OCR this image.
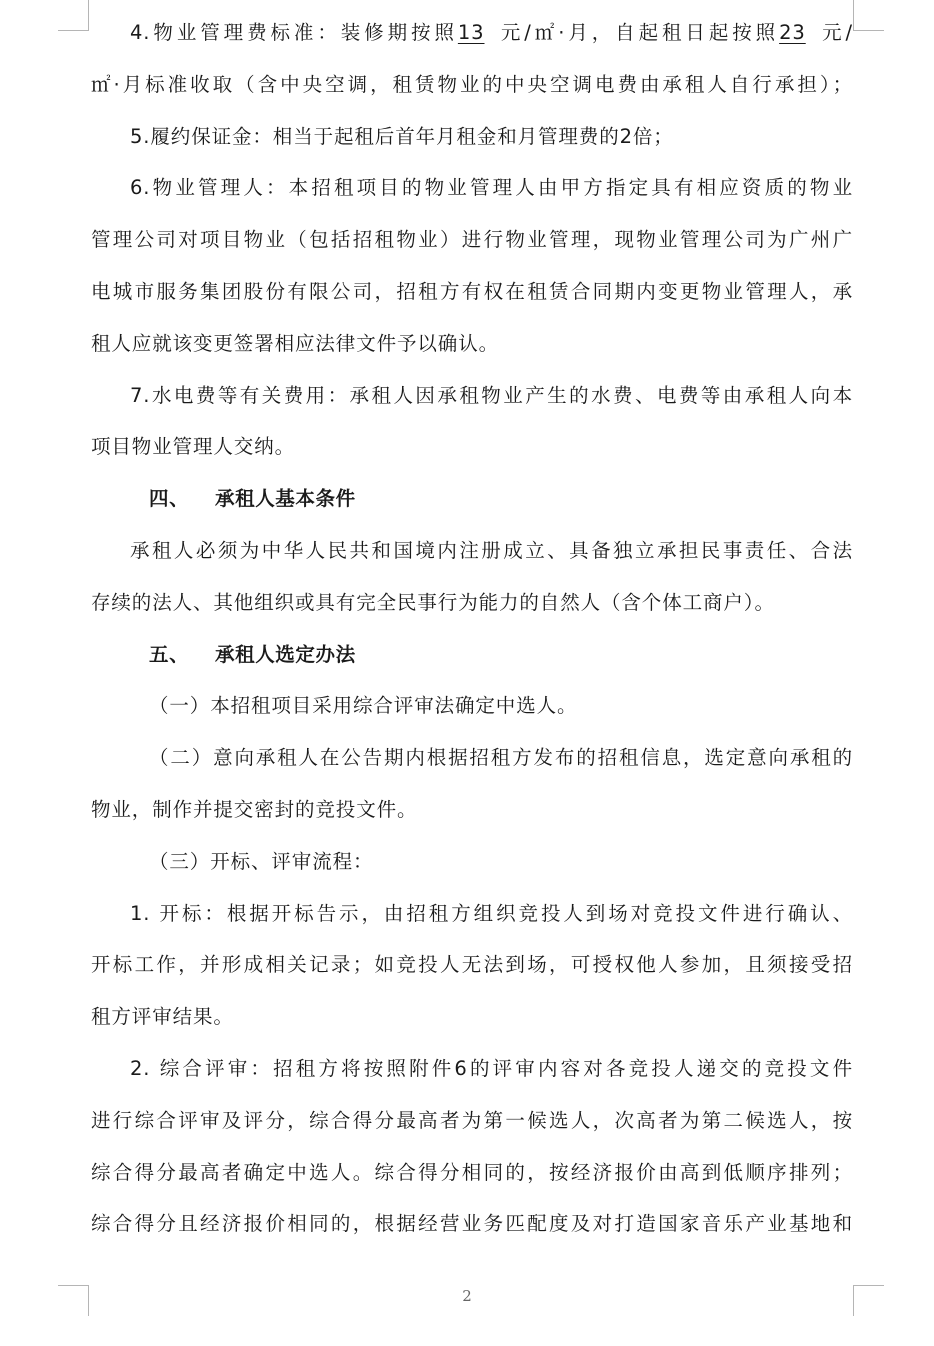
4.物业管理费标准：装修期按照13 元/㎡·月，自起租日起按照23 元/
㎡·月标准收取（含中央空调，租赁物业的中央空调电费由承租人自行承担）；
5.履约保证金：相当于起租后首年月租金和月管理费的2倍；
6.物业管理人：本招租项目的物业管理人由甲方指定具有相应资质的物业
管理公司对项目物业（包括招租物业）进行物业管理，现物业管理公司为广州广
电城市服务集团股份有限公司，招租方有权在租赁合同期内变更物业管理人，承
租人应就该变更签署相应法律文件予以确认。
7.水电费等有关费用：承租人因承租物业产生的水费、电费等由承租人向本
项目物业管理人交纳。
四、 承租人基本条件
承租人必须为中华人民共和国境内注册成立、具备独立承担民事责任、合法
存续的法人、其他组织或具有完全民事行为能力的自然人（含个体工商户）。
五、 承租人选定办法
（一）本招租项目采用综合评审法确定中选人。
（二）意向承租人在公告期内根据招租方发布的招租信息，选定意向承租的
物业，制作并提交密封的竞投文件。
（三）开标、评审流程：
1. 开标：根据开标告示，由招租方组织竞投人到场对竞投文件进行确认、
开标工作，并形成相关记录；如竞投人无法到场，可授权他人参加，且须接受招
租方评审结果。
2. 综合评审：招租方将按照附件6的评审内容对各竞投人递交的竞投文件
进行综合评审及评分，综合得分最高者为第一候选人，次高者为第二候选人，按
综合得分最高者确定中选人。综合得分相同的，按经济报价由高到低顺序排列；
综合得分且经济报价相同的，根据经营业务匹配度及对打造国家音乐产业基地和
2
